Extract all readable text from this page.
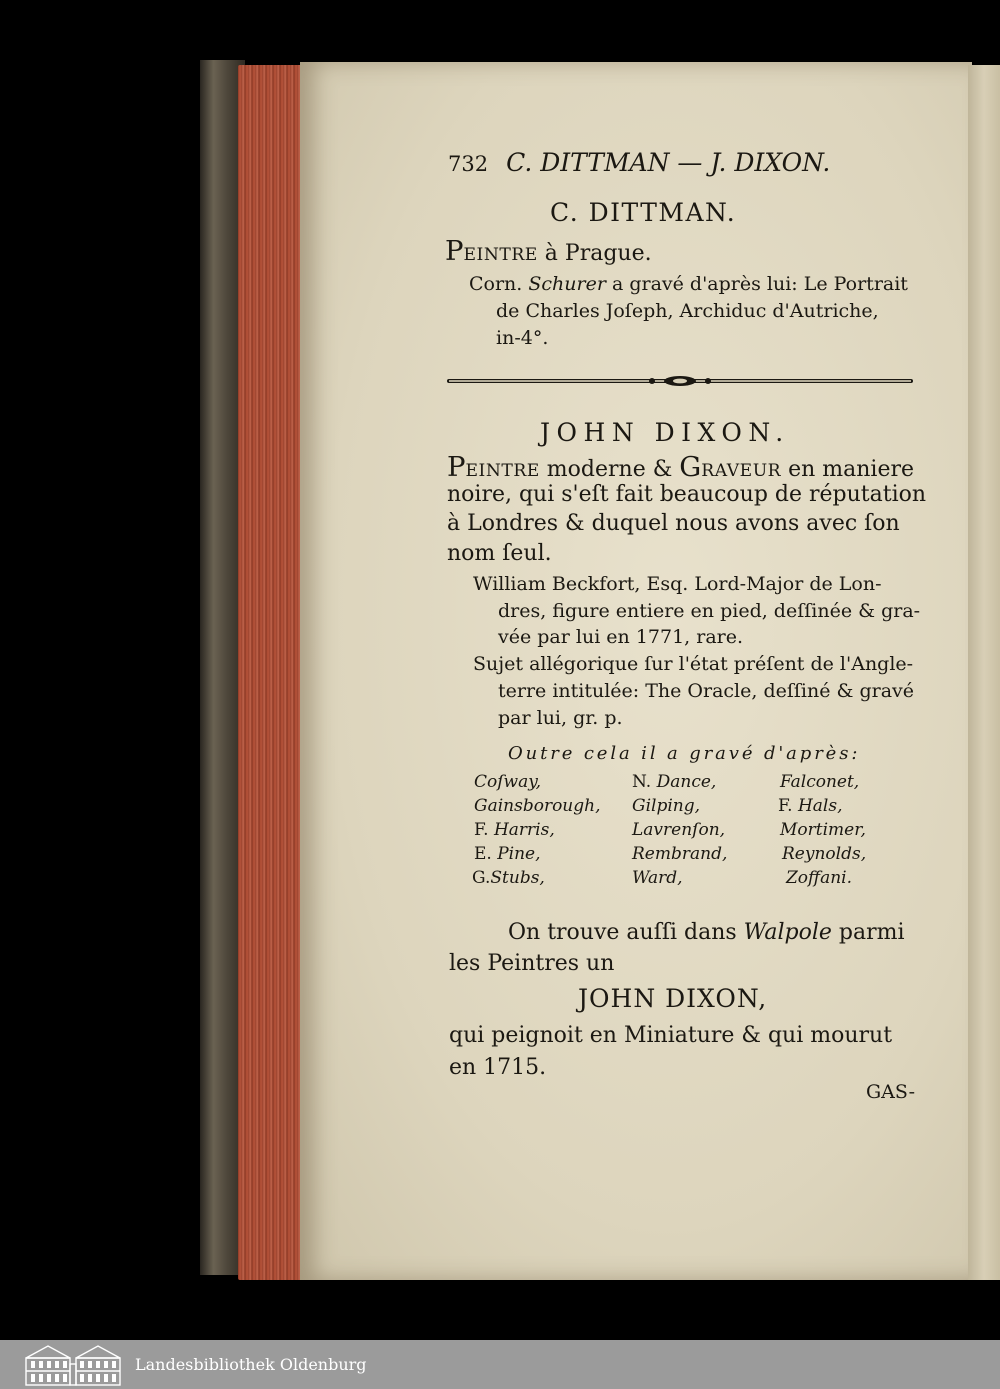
732 C. DITTMAN — J. DIXON.
C. DITTMAN.
PEINTRE à Prague.
Corn. Schurer a gravé d'après lui: Le Portrait
de Charles Joſeph, Archiduc d'Autriche,
in-4°.
JOHN DIXON.
PEINTRE moderne & GRAVEUR en maniere
noire, qui s'eſt fait beaucoup de réputation
à Londres & duquel nous avons avec ſon
nom ſeul.
William Beckfort, Esq. Lord-Major de Lon-
dres, figure entiere en pied, deſſinée & gra-
vée par lui en 1771, rare.
Sujet allégorique ſur l'état préſent de l'Angle-
terre intitulée: The Oracle, deſſiné & gravé
par lui, gr. p.
Outre cela il a gravé d'après:
Coſway,	N. Dance,	Falconet,
Gainsborough, Gilping,	F. Hals,
F. Harris,	Lavrenſon,	Mortimer,
E. Pine,	Rembrand,	Reynolds,
G.Stubs,	Ward,	Zoffani.
On trouve auſſi dans Walpole parmi
les Peintres un
JOHN DIXON,
qui peignoit en Miniature & qui mourut
en 1715.
GAS-
Landesbibliothek Oldenburg
